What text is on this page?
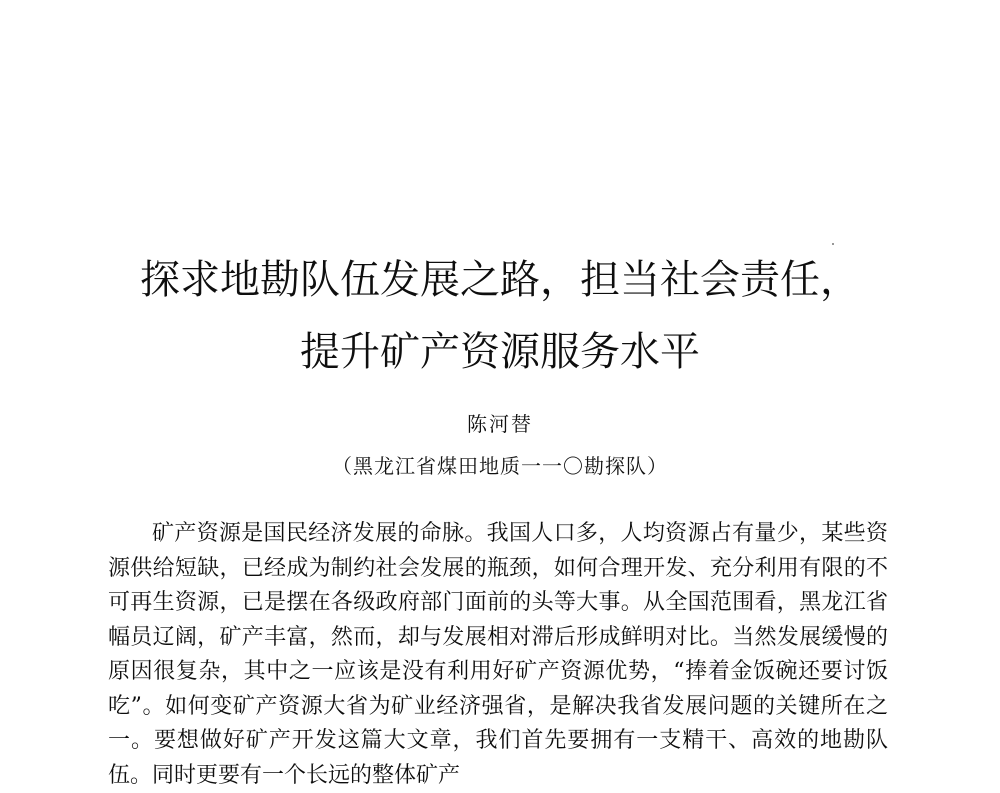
探求地勘队伍发展之路，担当社会责任，
提升矿产资源服务水平
陈河替
（黑龙江省煤田地质一一〇勘探队）

矿产资源是国民经济发展的命脉。我国人口多，人均资源占有量少，某些资源供给短缺，已经成为制约社会发展的瓶颈，如何合理开发、充分利用有限的不可再生资源，已是摆在各级政府部门面前的头等大事。从全国范围看，黑龙江省幅员辽阔，矿产丰富，然而，却与发展相对滞后形成鲜明对比。当然发展缓慢的原因很复杂，其中之一应该是没有利用好矿产资源优势，“捧着金饭碗还要讨饭吃”。如何变矿产资源大省为矿业经济强省，是解决我省发展问题的关键所在之一。要想做好矿产开发这篇大文章，我们首先要拥有一支精干、高效的地勘队伍。同时更要有一个长远的整体矿产
